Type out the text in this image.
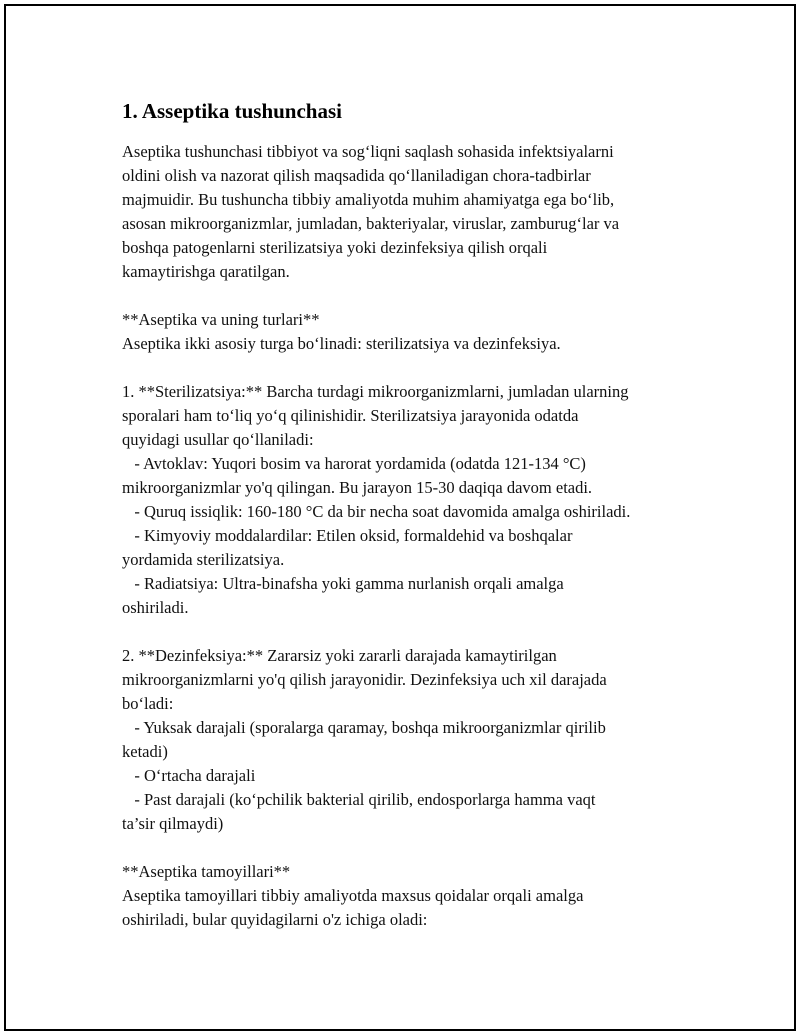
1. Asseptika tushunchasi
Aseptika tushunchasi tibbiyot va sog‘liqni saqlash sohasida infektsiyalarni
oldini olish va nazorat qilish maqsadida qo‘llaniladigan chora-tadbirlar
majmuidir. Bu tushuncha tibbiy amaliyotda muhim ahamiyatga ega bo‘lib,
asosan mikroorganizmlar, jumladan, bakteriyalar, viruslar, zamburug‘lar va
boshqa patogenlarni sterilizatsiya yoki dezinfeksiya qilish orqali
kamaytirishga qaratilgan.
**Aseptika va uning turlari**
Aseptika ikki asosiy turga bo‘linadi: sterilizatsiya va dezinfeksiya.
1. **Sterilizatsiya:** Barcha turdagi mikroorganizmlarni, jumladan ularning
sporalari ham to‘liq yo‘q qilinishidir. Sterilizatsiya jarayonida odatda
quyidagi usullar qo‘llaniladi:
- Avtoklav: Yuqori bosim va harorat yordamida (odatda 121-134 °C)
mikroorganizmlar yo'q qilingan. Bu jarayon 15-30 daqiqa davom etadi.
- Quruq issiqlik: 160-180 °C da bir necha soat davomida amalga oshiriladi.
- Kimyoviy moddalardilar: Etilen oksid, formaldehid va boshqalar
yordamida sterilizatsiya.
- Radiatsiya: Ultra-binafsha yoki gamma nurlanish orqali amalga
oshiriladi.
2. **Dezinfeksiya:** Zararsiz yoki zararli darajada kamaytirilgan
mikroorganizmlarni yo'q qilish jarayonidir. Dezinfeksiya uch xil darajada
bo‘ladi:
- Yuksak darajali (sporalarga qaramay, boshqa mikroorganizmlar qirilib
ketadi)
- O‘rtacha darajali
- Past darajali (ko‘pchilik bakterial qirilib, endosporlarga hamma vaqt
ta’sir qilmaydi)
**Aseptika tamoyillari**
Aseptika tamoyillari tibbiy amaliyotda maxsus qoidalar orqali amalga
oshiriladi, bular quyidagilarni o'z ichiga oladi:
